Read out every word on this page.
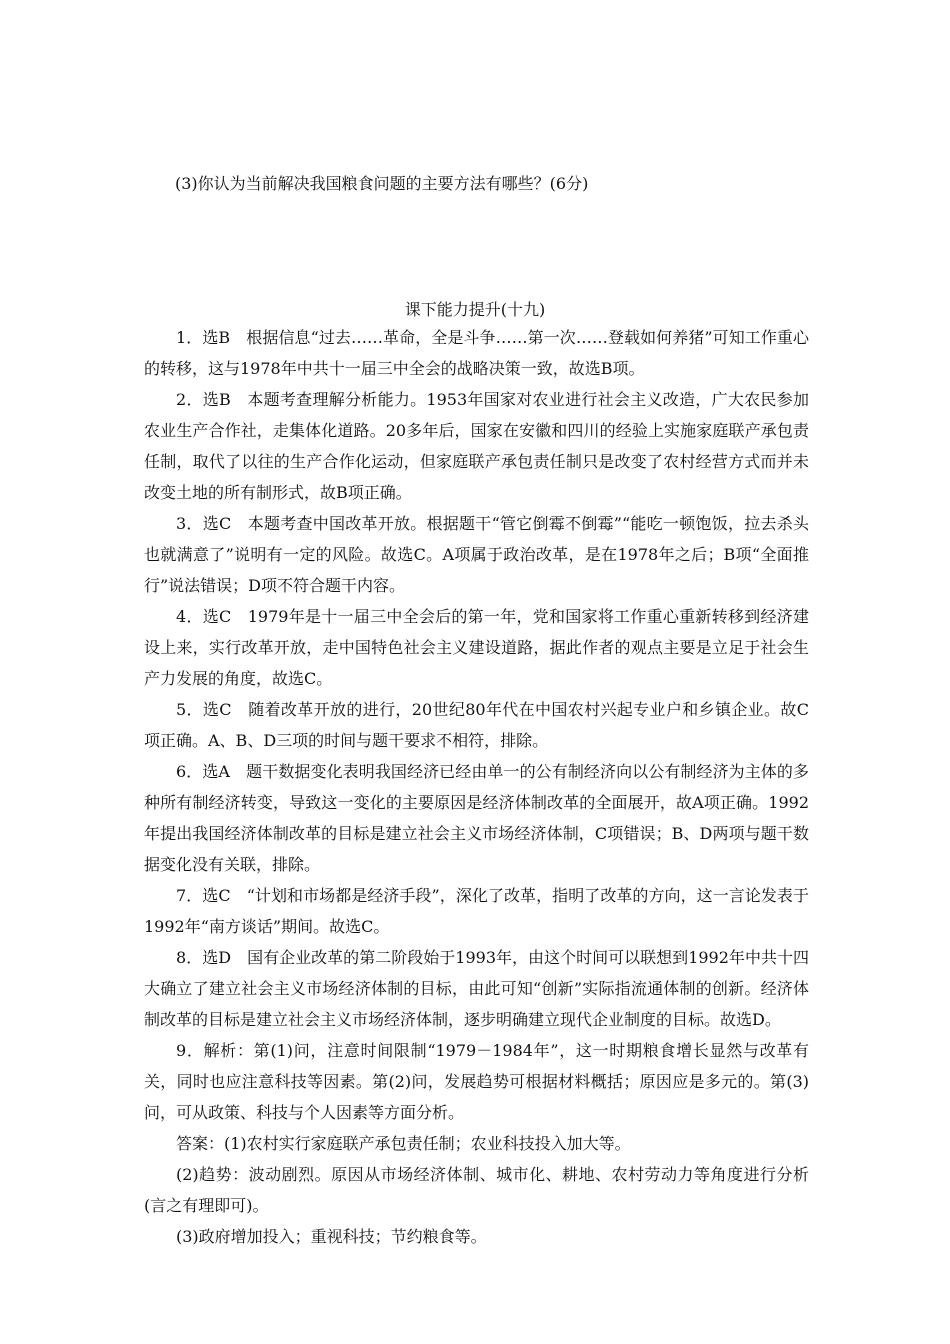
(3)你认为当前解决我国粮食问题的主要方法有哪些？(6分)
课下能力提升(十九)

1．选B　根据信息“过去……革命，全是斗争……第一次……登载如何养猪”可知工作重心的转移，这与1978年中共十一届三中全会的战略决策一致，故选B项。

2．选B　本题考查理解分析能力。1953年国家对农业进行社会主义改造，广大农民参加农业生产合作社，走集体化道路。20多年后，国家在安徽和四川的经验上实施家庭联产承包责任制，取代了以往的生产合作化运动，但家庭联产承包责任制只是改变了农村经营方式而并未改变土地的所有制形式，故B项正确。

3．选C　本题考查中国改革开放。根据题干“管它倒霉不倒霉”“能吃一顿饱饭，拉去杀头也就满意了”说明有一定的风险。故选C。A项属于政治改革，是在1978年之后；B项“全面推行”说法错误；D项不符合题干内容。

4．选C　1979年是十一届三中全会后的第一年，党和国家将工作重心重新转移到经济建设上来，实行改革开放，走中国特色社会主义建设道路，据此作者的观点主要是立足于社会生产力发展的角度，故选C。

5．选C　随着改革开放的进行，20世纪80年代在中国农村兴起专业户和乡镇企业。故C项正确。A、B、D三项的时间与题干要求不相符，排除。

6．选A　题干数据变化表明我国经济已经由单一的公有制经济向以公有制经济为主体的多种所有制经济转变，导致这一变化的主要原因是经济体制改革的全面展开，故A项正确。1992年提出我国经济体制改革的目标是建立社会主义市场经济体制，C项错误；B、D两项与题干数据变化没有关联，排除。

7．选C　“计划和市场都是经济手段”，深化了改革，指明了改革的方向，这一言论发表于1992年“南方谈话”期间。故选C。

8．选D　国有企业改革的第二阶段始于1993年，由这个时间可以联想到1992年中共十四大确立了建立社会主义市场经济体制的目标，由此可知“创新”实际指流通体制的创新。经济体制改革的目标是建立社会主义市场经济体制，逐步明确建立现代企业制度的目标。故选D。

9．解析：第(1)问，注意时间限制“1979－1984年”，这一时期粮食增长显然与改革有关，同时也应注意科技等因素。第(2)问，发展趋势可根据材料概括；原因应是多元的。第(3)问，可从政策、科技与个人因素等方面分析。

答案：(1)农村实行家庭联产承包责任制；农业科技投入加大等。

(2)趋势：波动剧烈。原因从市场经济体制、城市化、耕地、农村劳动力等角度进行分析(言之有理即可)。

(3)政府增加投入；重视科技；节约粮食等。
